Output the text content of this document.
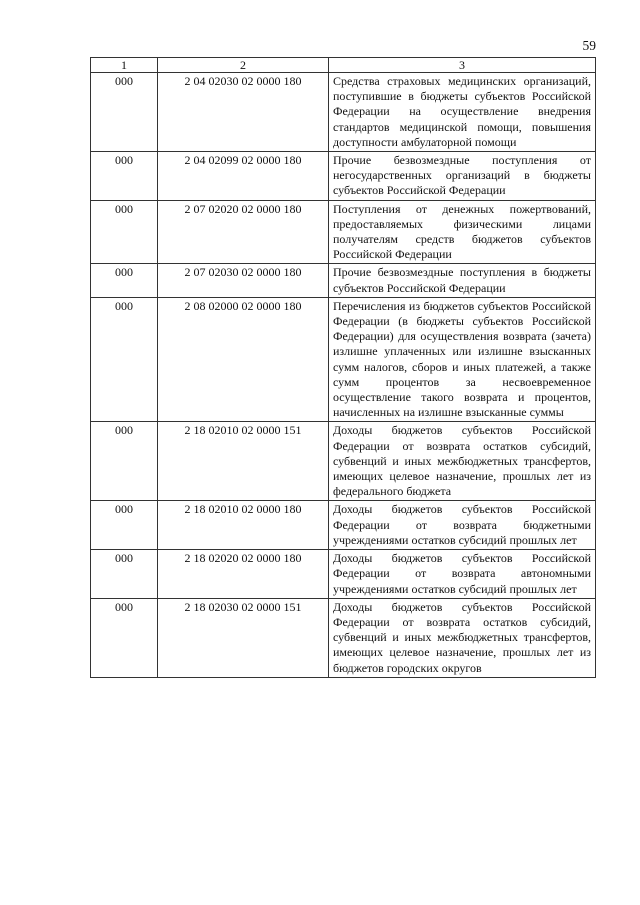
59
1	2	3
000	2 04 02030 02 0000 180	Средства страховых медицинских организаций, поступившие в бюджеты субъектов Российской Федерации на осуществление внедрения стандартов медицинской помощи, повышения доступности амбулаторной помощи
000	2 04 02099 02 0000 180	Прочие безвозмездные поступления от негосударственных организаций в бюджеты субъектов Российской Федерации
000	2 07 02020 02 0000 180	Поступления от денежных пожертвований, предоставляемых физическими лицами получателям средств бюджетов субъектов Российской Федерации
000	2 07 02030 02 0000 180	Прочие безвозмездные поступления в бюджеты субъектов Российской Федерации
000	2 08 02000 02 0000 180	Перечисления из бюджетов субъектов Российской Федерации (в бюджеты субъектов Российской Федерации) для осуществления возврата (зачета) излишне уплаченных или излишне взысканных сумм налогов, сборов и иных платежей, а также сумм процентов за несвоевременное осуществление такого возврата и процентов, начисленных на излишне взысканные суммы
000	2 18 02010 02 0000 151	Доходы бюджетов субъектов Российской Федерации от возврата остатков субсидий, субвенций и иных межбюджетных трансфертов, имеющих целевое назначение, прошлых лет из федерального бюджета
000	2 18 02010 02 0000 180	Доходы бюджетов субъектов Российской Федерации от возврата бюджетными учреждениями остатков субсидий прошлых лет
000	2 18 02020 02 0000 180	Доходы бюджетов субъектов Российской Федерации от возврата автономными учреждениями остатков субсидий прошлых лет
000	2 18 02030 02 0000 151	Доходы бюджетов субъектов Российской Федерации от возврата остатков субсидий, субвенций и иных межбюджетных трансфертов, имеющих целевое назначение, прошлых лет из бюджетов городских округов
